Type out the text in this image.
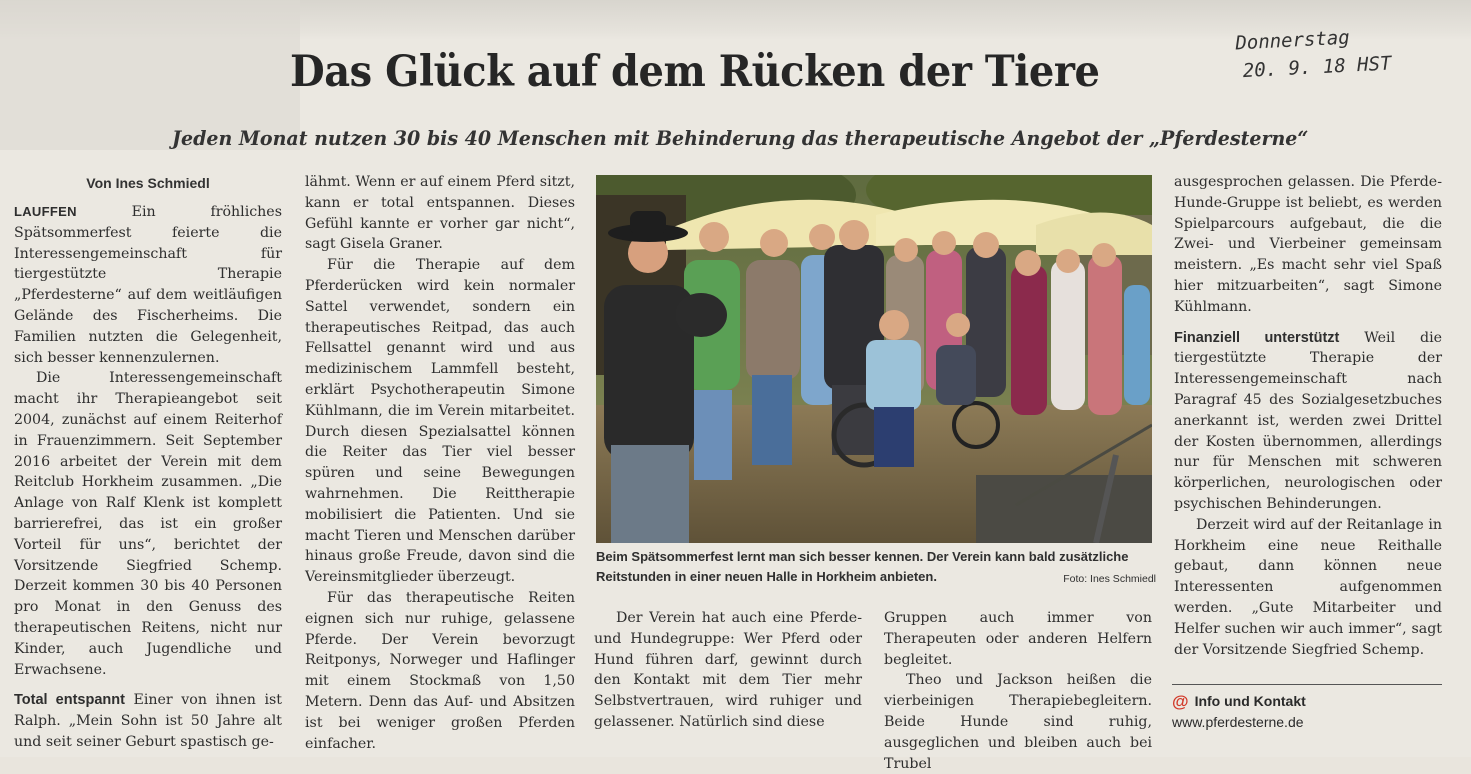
Donnerstag
20. 9. 18 HST
Das Glück auf dem Rücken der Tiere
Jeden Monat nutzen 30 bis 40 Menschen mit Behinderung das therapeutische Angebot der „Pferdesterne“
Von Ines Schmiedl

LAUFFEN Ein fröhliches Spätsommerfest feierte die Interessengemeinschaft für tiergestützte Therapie „Pferdesterne“ auf dem weitläufigen Gelände des Fischerheims. Die Familien nutzten die Gelegenheit, sich besser kennenzulernen.

Die Interessengemeinschaft macht ihr Therapieangebot seit 2004, zunächst auf einem Reiterhof in Frauenzimmern. Seit September 2016 arbeitet der Verein mit dem Reitclub Horkheim zusammen. „Die Anlage von Ralf Klenk ist komplett barrierefrei, das ist ein großer Vorteil für uns“, berichtet der Vorsitzende Siegfried Schemp. Derzeit kommen 30 bis 40 Personen pro Monat in den Genuss des therapeutischen Reitens, nicht nur Kinder, auch Jugendliche und Erwachsene.

Total entspannt Einer von ihnen ist Ralph. „Mein Sohn ist 50 Jahre alt und seit seiner Geburt spastisch ge-

lähmt. Wenn er auf einem Pferd sitzt, kann er total entspannen. Dieses Gefühl kannte er vorher gar nicht“, sagt Gisela Graner.

Für die Therapie auf dem Pferderücken wird kein normaler Sattel verwendet, sondern ein therapeutisches Reitpad, das auch Fellsattel genannt wird und aus medizinischem Lammfell besteht, erklärt Psychotherapeutin Simone Kühlmann, die im Verein mitarbeitet. Durch diesen Spezialsattel können die Reiter das Tier viel besser spüren und seine Bewegungen wahrnehmen. Die Reittherapie mobilisiert die Patienten. Und sie macht Tieren und Menschen darüber hinaus große Freude, davon sind die Vereinsmitglieder überzeugt.

Für das therapeutische Reiten eignen sich nur ruhige, gelassene Pferde. Der Verein bevorzugt Reitponys, Norweger und Haflinger mit einem Stockmaß von 1,50 Metern. Denn das Auf- und Absitzen ist bei weniger großen Pferden einfacher.

Beim Spätsommerfest lernt man sich besser kennen. Der Verein kann bald zusätzliche Reitstunden in einer neuen Halle in Horkheim anbieten.	Foto: Ines Schmiedl

Der Verein hat auch eine Pferde- und Hundegruppe: Wer Pferd oder Hund führen darf, gewinnt durch den Kontakt mit dem Tier mehr Selbstvertrauen, wird ruhiger und gelassener. Natürlich sind diese

Gruppen auch immer von Therapeuten oder anderen Helfern begleitet.

Theo und Jackson heißen die vierbeinigen Therapiebegleitern. Beide Hunde sind ruhig, ausgeglichen und bleiben auch bei Trubel

ausgesprochen gelassen. Die Pferde-Hunde-Gruppe ist beliebt, es werden Spielparcours aufgebaut, die die Zwei- und Vierbeiner gemeinsam meistern. „Es macht sehr viel Spaß hier mitzuarbeiten“, sagt Simone Kühlmann.

Finanziell unterstützt Weil die tiergestützte Therapie der Interessengemeinschaft nach Paragraf 45 des Sozialgesetzbuches anerkannt ist, werden zwei Drittel der Kosten übernommen, allerdings nur für Menschen mit schweren körperlichen, neurologischen oder psychischen Behinderungen.

Derzeit wird auf der Reitanlage in Horkheim eine neue Reithalle gebaut, dann können neue Interessenten aufgenommen werden. „Gute Mitarbeiter und Helfer suchen wir auch immer“, sagt der Vorsitzende Siegfried Schemp.

@ Info und Kontakt
www.pferdesterne.de
